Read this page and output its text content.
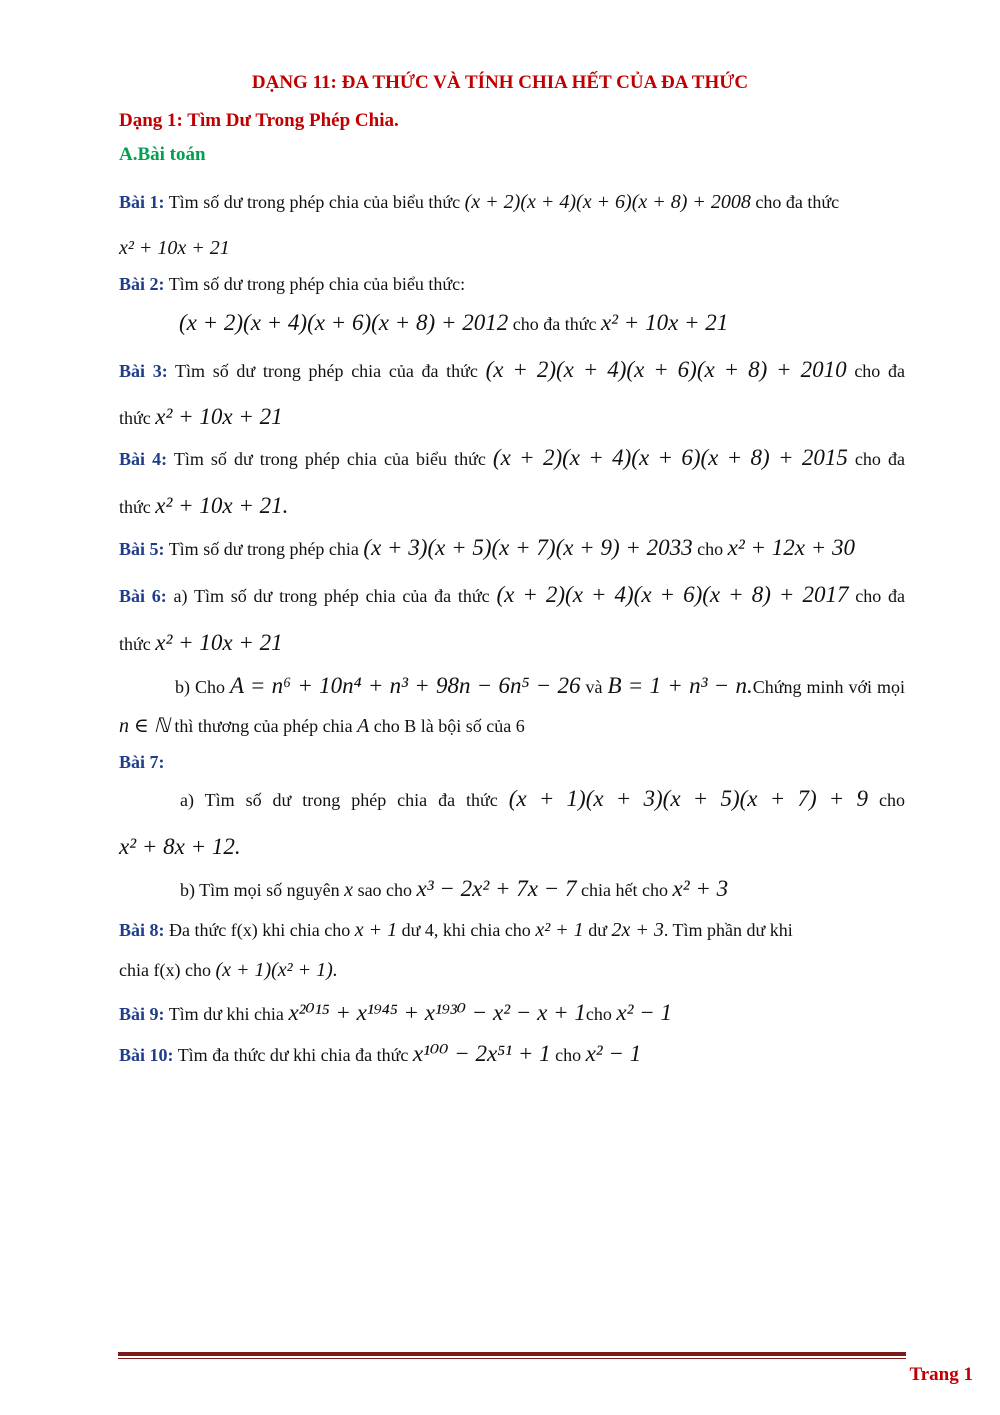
DẠNG 11: ĐA THỨC VÀ TÍNH CHIA HẾT CỦA ĐA THỨC
Dạng 1: Tìm Dư Trong Phép Chia.
A.Bài toán
Bài 1: Tìm số dư trong phép chia của biểu thức (x + 2)(x + 4)(x + 6)(x + 8) + 2008 cho đa thức
x² + 10x + 21
Bài 2: Tìm số dư trong phép chia của biểu thức:
(x + 2)(x + 4)(x + 6)(x + 8) + 2012 cho đa thức x² + 10x + 21
Bài 3: Tìm số dư trong phép chia của đa thức (x + 2)(x + 4)(x + 6)(x + 8) + 2010 cho đa
thức x² + 10x + 21
Bài 4: Tìm số dư trong phép chia của biểu thức (x + 2)(x + 4)(x + 6)(x + 8) + 2015 cho đa
thức x² + 10x + 21.
Bài 5: Tìm số dư trong phép chia (x + 3)(x + 5)(x + 7)(x + 9) + 2033 cho x² + 12x + 30
Bài 6: a) Tìm số dư trong phép chia của đa thức (x + 2)(x + 4)(x + 6)(x + 8) + 2017 cho đa
thức x² + 10x + 21
b) Cho A = n⁶ + 10n⁴ + n³ + 98n − 6n⁵ − 26 và B = 1 + n³ − n.Chứng minh với mọi
n ∈ ℕ thì thương của phép chia A cho B là bội số của 6
Bài 7:
a) Tìm số dư trong phép chia đa thức (x + 1)(x + 3)(x + 5)(x + 7) + 9 cho
x² + 8x + 12.
b) Tìm mọi số nguyên x sao cho x³ − 2x² + 7x − 7 chia hết cho x² + 3
Bài 8: Đa thức f(x) khi chia cho x + 1 dư 4, khi chia cho x² + 1 dư 2x + 3. Tìm phần dư khi
chia f(x) cho (x + 1)(x² + 1).
Bài 9: Tìm dư khi chia x²⁰¹⁵ + x¹⁹⁴⁵ + x¹⁹³⁰ − x² − x + 1cho x² − 1
Bài 10: Tìm đa thức dư khi chia đa thức x¹⁰⁰ − 2x⁵¹ + 1 cho x² − 1
Trang 1
